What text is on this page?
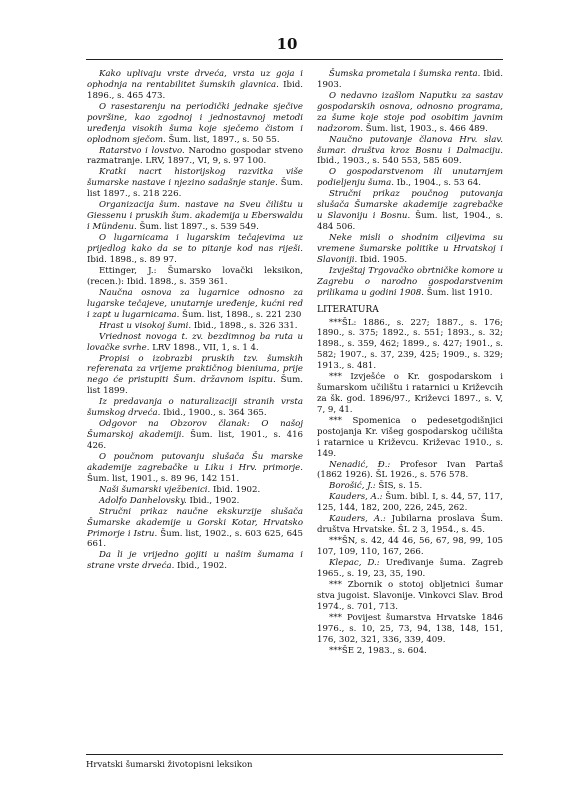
10

Kako uplivaju vrste drveća, vrsta uz goja i ophodnja na rentabilitet šumskih glavnica. Ibid. 1896., s. 465 473.

O rasestarenju na periodički jednake sječive površine, kao zgodnoj i jednostavnoj metodi uređenja visokih šuma koje sječemo čistom i oplodnom sječom. Šum. list, 1897., s. 50 55.

Ratarstvo i lovstvo. Narodno gospodar stveno razmatranje. LRV, 1897., VI, 9, s. 97 100.

Kratki nacrt historijskog razvitka više šumarske nastave i njezino sadašnje stanje. Šum. list 1897., s. 218 226.

Organizacija šum. nastave na Sveu čilištu u Giessenu i pruskih šum. akademija u Eberswaldu i Mündenu. Šum. list 1897., s. 539 549.

O lugarnicama i lugarskim tečajevima uz prijedlog kako da se to pitanje kod nas riješi. Ibid. 1898., s. 89 97.

Ettinger, J.: Šumarsko lovački leksikon, (recen.): Ibid. 1898., s. 359 361.

Naučna osnova za lugarnice odnosno za lugarske tečajeve, unutarnje uređenje, kućni red i zapt u lugarnicama. Šum. list, 1898., s. 221 230

Hrast u visokoj šumi. Ibid., 1898., s. 326 331.

Vriednost novoga t. zv. bezdimnog ba ruta u lovačke svrhe. LRV 1898., VII, 1, s. 1 4.

Propisi o izobrazbi pruskih tzv. šumskih referenata za vrijeme praktičnog bieniuma, prije nego će pristupiti Šum. državnom ispitu. Šum. list 1899.

Iz predavanja o naturalizaciji stranih vrsta šumskog drveća. Ibid., 1900., s. 364 365.

Odgovor na Obzorov članak: O našoj Šumarskoj akademiji. Šum. list, 1901., s. 416 426.

O poučnom putovanju slušača Šu marske akademije zagrebačke u Liku i Hrv. primorje. Šum. list, 1901., s. 89 96, 142 151.

Naši šumarski vježbenici. Ibid. 1902.

Adolfo Danhelovsky. Ibid., 1902.

Stručni prikaz naučne ekskurzije slušača Šumarske akademije u Gorski Kotar, Hrvatsko Primorje i Istru. Šum. list, 1902., s. 603 625, 645 661.

Da li je vrijedno gojiti u našim šumama i strane vrste drveća. Ibid., 1902.

Šumska prometala i šumska renta. Ibid. 1903.

O nedavno izašlom Naputku za sastav gospodarskih osnova, odnosno programa, za šume koje stoje pod osobitim javnim nadzorom. Šum. list, 1903., s. 466 489.

Naučno putovanje članova Hrv. slav. šumar. društva kroz Bosnu i Dalmaciju. Ibid., 1903., s. 540 553, 585 609.

O gospodarstvenom ili unutarnjem podieljenju šuma. Ib., 1904., s. 53 64.

Stručni prikaz poučnog putovanja slušača Šumarske akademije zagrebačke u Slavoniju i Bosnu. Šum. list, 1904., s. 484 506.

Neke misli o shodnim ciljevima su vremene šumarske politike u Hrvatskoj i Slavoniji. Ibid. 1905.

Izvještaj Trgovačko obrtničke komore u Zagrebu o narodno gospodarstvenim prilikama u godini 1908. Šum. list 1910.

LITERATURA

***ŠL: 1886., s. 227; 1887., s. 176; 1890., s. 375; 1892., s. 551; 1893., s. 32; 1898., s. 359, 462; 1899., s. 427; 1901., s. 582; 1907., s. 37, 239, 425; 1909., s. 329; 1913., s. 481.

*** Izvješće o Kr. gospodarskom i šumarskom učilištu i ratarnici u Križevcih za šk. god. 1896/97., Križevci 1897., s. V, 7, 9, 41.

*** Spomenica o pedesetgodišnjici postojanja Kr. višeg gospodarskog učilišta i ratarnice u Križevcu. Križevac 1910., s. 149.

Nenadić, Đ.: Profesor Ivan Partaš (1862 1926). ŠL 1926., s. 576 578.

Borošić, J.: ŠIS, s. 15.

Kauders, A.: Šum. bibl. I, s. 44, 57, 117, 125, 144, 182, 200, 226, 245, 262.

Kauders, A.: Jubilarna proslava Šum. društva Hrvatske. ŠL 2 3, 1954., s. 45.

***ŠN, s. 42, 44 46, 56, 67, 98, 99, 105 107, 109, 110, 167, 266.

Klepac, D.: Uređivanje šuma. Zagreb 1965., s. 19, 23, 35, 190.

*** Zbornik o stotoj obljetnici šumar stva jugoist. Slavonije. Vinkovci Slav. Brod 1974., s. 701, 713.

*** Povijest šumarstva Hrvatske 1846 1976., s. 10, 25, 73, 94, 138, 148, 151, 176, 302, 321, 336, 339, 409.

***ŠE 2, 1983., s. 604.

Hrvatski šumarski životopisni leksikon
